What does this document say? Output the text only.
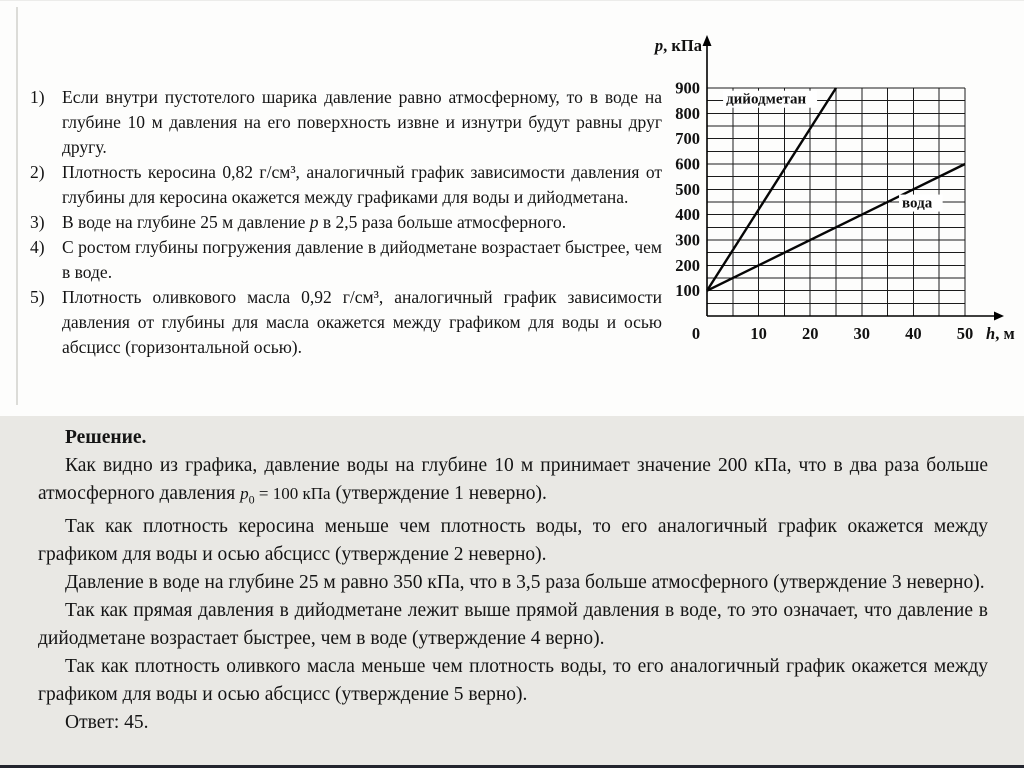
1) Если внутри пустотелого шарика давление равно атмосферному, то в воде на глубине 10 м давления на его поверхность извне и изнутри будут равны друг другу.
2) Плотность керосина 0,82 г/см³, аналогичный график зависимости давления от глубины для керосина окажется между графиками для воды и дийодметана.
3) В воде на глубине 25 м давление p в 2,5 раза больше атмосферного.
4) С ростом глубины погружения давление в дийодметане возрастает быстрее, чем в воде.
5) Плотность оливкового масла 0,92 г/см³, аналогичный график зависимости давления от глубины для масла окажется между графиком для воды и осью абсцисс (горизонтальной осью).
дийодметан
вода
100
200
300
400
500
600
700
800
900
0	10 20 30 40 50
p, кПа
h, м

Решение.

Как видно из графика, давление воды на глубине 10 м принимает значение 200 кПа, что в два раза больше атмосферного давления $p_0 = 100$ кПа (утверждение 1 неверно).

Так как плотность керосина меньше чем плотность воды, то его аналогичный график окажется между графиком для воды и осью абсцисс (утверждение 2 неверно).

Давление в воде на глубине 25 м равно 350 кПа, что в 3,5 раза больше атмосферного (утверждение 3 неверно).

Так как прямая давления в дийодметане лежит выше прямой давления в воде, то это означает, что давление в дийодметане возрастает быстрее, чем в воде (утверждение 4 верно).

Так как плотность оливкого масла меньше чем плотность воды, то его аналогичный график окажется между графиком для воды и осью абсцисс (утверждение 5 верно).

Ответ: 45.
